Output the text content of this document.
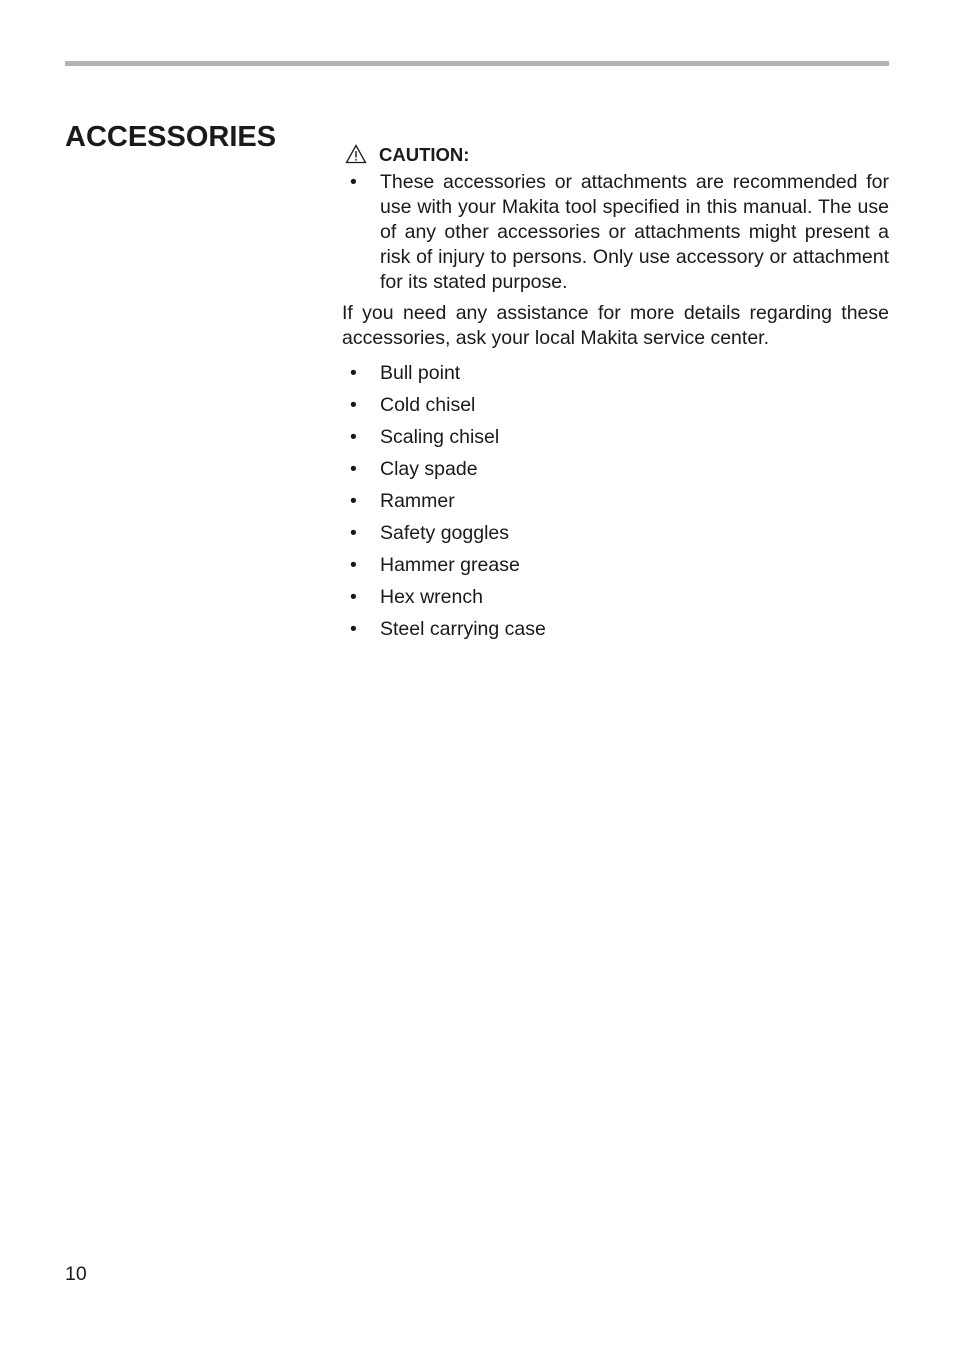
ACCESSORIES
CAUTION:
•	These accessories or attachments are recommended for use with your Makita tool specified in this manual. The use of any other accessories or attachments might present a risk of injury to persons. Only use accessory or attachment for its stated purpose.

If you need any assistance for more details regarding these accessories, ask your local Makita service center.

•	Bull point
•	Cold chisel
•	Scaling chisel
•	Clay spade
•	Rammer
•	Safety goggles
•	Hammer grease
•	Hex wrench
•	Steel carrying case
10
